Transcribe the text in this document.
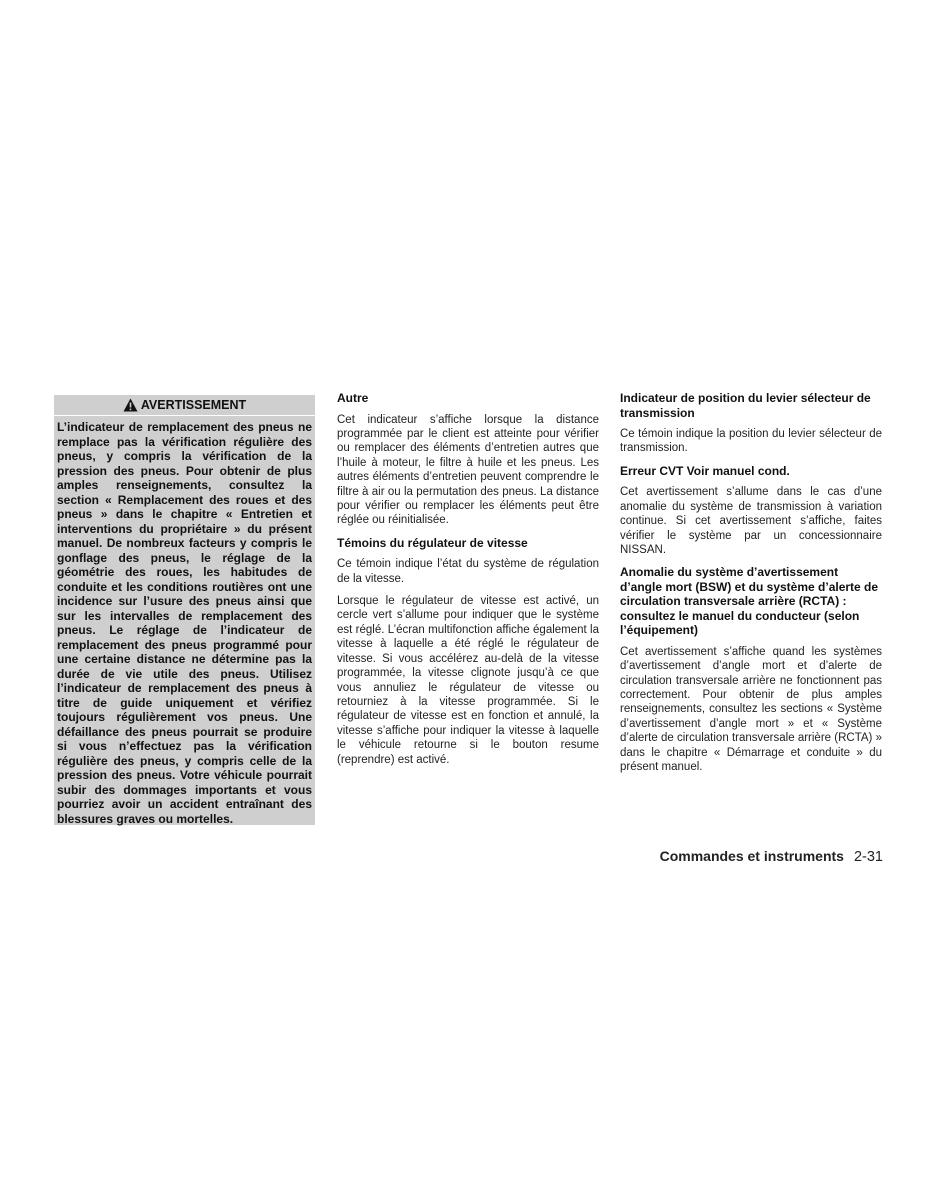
AVERTISSEMENT
L’indicateur de remplacement des pneus ne remplace pas la vérification régulière des pneus, y compris la vérification de la pression des pneus. Pour obtenir de plus amples renseignements, consultez la section « Remplacement des roues et des pneus » dans le chapitre « Entretien et interventions du propriétaire » du présent manuel. De nombreux facteurs y compris le gonflage des pneus, le réglage de la géométrie des roues, les habitudes de conduite et les conditions routières ont une incidence sur l’usure des pneus ainsi que sur les intervalles de remplacement des pneus. Le réglage de l’indicateur de remplacement des pneus programmé pour une certaine distance ne détermine pas la durée de vie utile des pneus. Utilisez l’indicateur de remplacement des pneus à titre de guide uniquement et vérifiez toujours régulièrement vos pneus. Une défaillance des pneus pourrait se produire si vous n’effectuez pas la vérification régulière des pneus, y compris celle de la pression des pneus. Votre véhicule pourrait subir des dommages importants et vous pourriez avoir un accident entraînant des blessures graves ou mortelles.
Autre

Cet indicateur s’affiche lorsque la distance programmée par le client est atteinte pour vérifier ou remplacer des éléments d’entretien autres que l’huile à moteur, le filtre à huile et les pneus. Les autres éléments d’entretien peuvent comprendre le filtre à air ou la permutation des pneus. La distance pour vérifier ou remplacer les éléments peut être réglée ou réinitialisée.

Témoins du régulateur de vitesse

Ce témoin indique l’état du système de régulation de la vitesse.

Lorsque le régulateur de vitesse est activé, un cercle vert s’allume pour indiquer que le système est réglé. L’écran multifonction affiche également la vitesse à laquelle a été réglé le régulateur de vitesse. Si vous accélérez au-delà de la vitesse programmée, la vitesse clignote jusqu’à ce que vous annuliez le régulateur de vitesse ou retourniez à la vitesse programmée. Si le régulateur de vitesse est en fonction et annulé, la vitesse s’affiche pour indiquer la vitesse à laquelle le véhicule retourne si le bouton resume (reprendre) est activé.

Indicateur de position du levier sélecteur de transmission

Ce témoin indique la position du levier sélecteur de transmission.

Erreur CVT Voir manuel cond.

Cet avertissement s’allume dans le cas d’une anomalie du système de transmission à variation continue. Si cet avertissement s’affiche, faites vérifier le système par un concessionnaire NISSAN.

Anomalie du système d’avertissement d’angle mort (BSW) et du système d’alerte de circulation transversale arrière (RCTA) : consultez le manuel du conducteur (selon l’équipement)

Cet avertissement s’affiche quand les systèmes d’avertissement d’angle mort et d’alerte de circulation transversale arrière ne fonctionnent pas correctement. Pour obtenir de plus amples renseignements, consultez les sections « Système d’avertissement d’angle mort » et « Système d’alerte de circulation transversale arrière (RCTA) » dans le chapitre « Démarrage et conduite » du présent manuel.

Commandes et instruments 2-31
